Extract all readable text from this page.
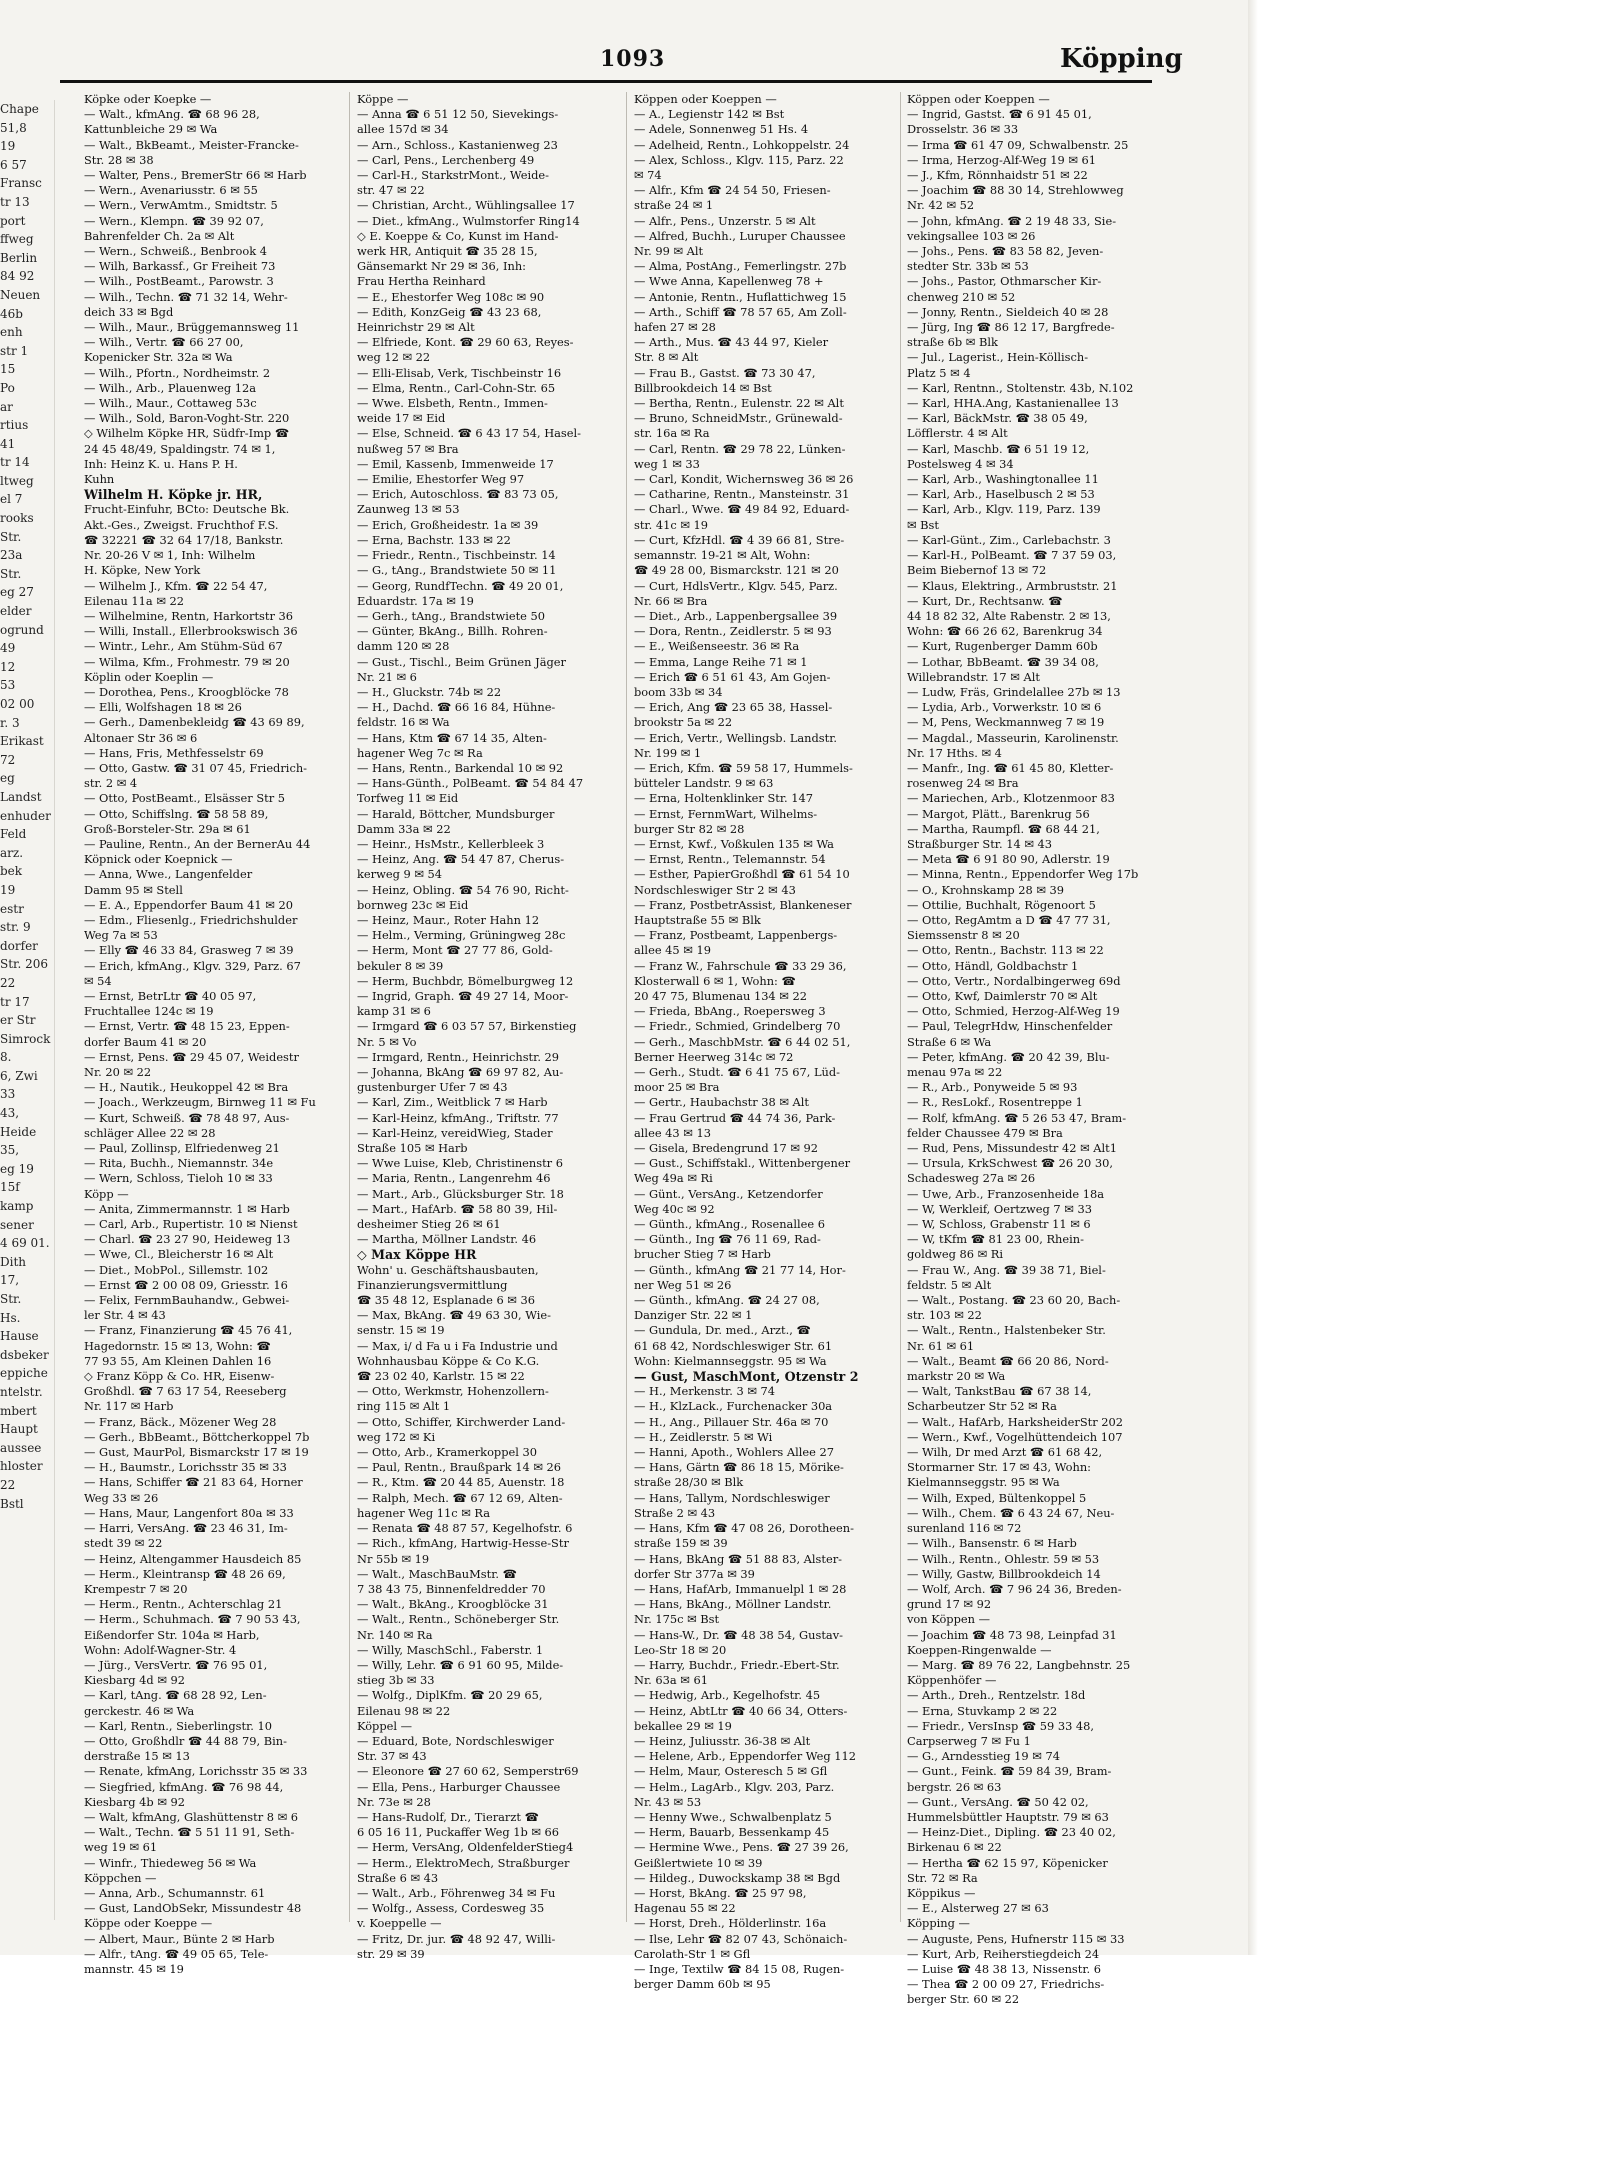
Chape
51,8
19
6 57
Fransc
tr 13
port
ffweg
Berlin
84 92
Neuen
46b
enh
str 1
15
Po
ar
rtius
41
tr 14
ltweg
el 7
rooks
Str.
23a
Str.
eg 27
elder
ogrund
49
12
53
02 00
r. 3
Erikast
72
eg
Landst
enhuder
Feld
arz.
bek
19
estr
str. 9
dorfer
Str. 206
22
tr 17
er Str
Simrock
8.
6, Zwi
33
43,
Heide
35,
eg 19
15f
kamp
sener
4 69 01.
Dith
17,
Str.
Hs.
Hause
dsbeker
eppiche
ntelstr.
mbert
Haupt
aussee
hloster
22
Bstl
1093	Köpping
Köpke oder Koepke —
— Walt., kfmAng. ☎ 68 96 28,
Kattunbleiche 29 ✉ Wa
— Walt., BkBeamt., Meister-Francke-
Str. 28 ✉ 38
— Walter, Pens., BremerStr 66 ✉ Harb
— Wern., Avenariusstr. 6 ✉ 55
— Wern., VerwAmtm., Smidtstr. 5
— Wern., Klempn. ☎ 39 92 07,
Bahrenfelder Ch. 2a ✉ Alt
— Wern., Schweiß., Benbrook 4
— Wilh, Barkassf., Gr Freiheit 73
— Wilh., PostBeamt., Parowstr. 3
— Wilh., Techn. ☎ 71 32 14, Wehr-
deich 33 ✉ Bgd
— Wilh., Maur., Brüggemannsweg 11
— Wilh., Vertr. ☎ 66 27 00,
Kopenicker Str. 32a ✉ Wa
— Wilh., Pfortn., Nordheimstr. 2
— Wilh., Arb., Plauenweg 12a
— Wilh., Maur., Cottaweg 53c
— Wilh., Sold, Baron-Voght-Str. 220
◇ Wilhelm Köpke HR, Südfr-Imp ☎
24 45 48/49, Spaldingstr. 74 ✉ 1,
Inh: Heinz K. u. Hans P. H.
Kuhn
Wilhelm H. Köpke jr. HR,
Frucht-Einfuhr, BCto: Deutsche Bk.
Akt.-Ges., Zweigst. Fruchthof F.S.
☎ 32221 ☎ 32 64 17/18, Bankstr.
Nr. 20-26 V ✉ 1, Inh: Wilhelm
H. Köpke, New York
— Wilhelm J., Kfm. ☎ 22 54 47,
Eilenau 11a ✉ 22
— Wilhelmine, Rentn, Harkortstr 36
— Willi, Install., Ellerbrookswisch 36
— Wintr., Lehr., Am Stühm-Süd 67
— Wilma, Kfm., Frohmestr. 79 ✉ 20
Köplin oder Koeplin —
— Dorothea, Pens., Kroogblöcke 78
— Elli, Wolfshagen 18 ✉ 26
— Gerh., Damenbekleidg ☎ 43 69 89,
Altonaer Str 36 ✉ 6
— Hans, Fris, Methfesselstr 69
— Otto, Gastw. ☎ 31 07 45, Friedrich-
str. 2 ✉ 4
— Otto, PostBeamt., Elsässer Str 5
— Otto, Schiffslng. ☎ 58 58 89,
Groß-Borsteler-Str. 29a ✉ 61
— Pauline, Rentn., An der BernerAu 44
Köpnick oder Koepnick —
— Anna, Wwe., Langenfelder
Damm 95 ✉ Stell
— E. A., Eppendorfer Baum 41 ✉ 20
— Edm., Fliesenlg., Friedrichshulder
Weg 7a ✉ 53
— Elly ☎ 46 33 84, Grasweg 7 ✉ 39
— Erich, kfmAng., Klgv. 329, Parz. 67
✉ 54
— Ernst, BetrLtr ☎ 40 05 97,
Fruchtallee 124c ✉ 19
— Ernst, Vertr. ☎ 48 15 23, Eppen-
dorfer Baum 41 ✉ 20
— Ernst, Pens. ☎ 29 45 07, Weidestr
Nr. 20 ✉ 22
— H., Nautik., Heukoppel 42 ✉ Bra
— Joach., Werkzeugm, Birnweg 11 ✉ Fu
— Kurt, Schweiß. ☎ 78 48 97, Aus-
schläger Allee 22 ✉ 28
— Paul, Zollinsp, Elfriedenweg 21
— Rita, Buchh., Niemannstr. 34e
— Wern, Schloss, Tieloh 10 ✉ 33
Köpp —
— Anita, Zimmermannstr. 1 ✉ Harb
— Carl, Arb., Rupertistr. 10 ✉ Nienst
— Charl. ☎ 23 27 90, Heideweg 13
— Wwe, Cl., Bleicherstr 16 ✉ Alt
— Diet., MobPol., Sillemstr. 102
— Ernst ☎ 2 00 08 09, Griesstr. 16
— Felix, FernmBauhandw., Gebwei-
ler Str. 4 ✉ 43
— Franz, Finanzierung ☎ 45 76 41,
Hagedornstr. 15 ✉ 13, Wohn: ☎
77 93 55, Am Kleinen Dahlen 16
◇ Franz Köpp & Co. HR, Eisenw-
Großhdl. ☎ 7 63 17 54, Reeseberg
Nr. 117 ✉ Harb
— Franz, Bäck., Mözener Weg 28
— Gerh., BbBeamt., Böttcherkoppel 7b
— Gust, MaurPol, Bismarckstr 17 ✉ 19
— H., Baumstr., Lorichsstr 35 ✉ 33
— Hans, Schiffer ☎ 21 83 64, Horner
Weg 33 ✉ 26
— Hans, Maur, Langenfort 80a ✉ 33
— Harri, VersAng. ☎ 23 46 31, Im-
stedt 39 ✉ 22
— Heinz, Altengammer Hausdeich 85
— Herm., Kleintransp ☎ 48 26 69,
Krempestr 7 ✉ 20
— Herm., Rentn., Achterschlag 21
— Herm., Schuhmach. ☎ 7 90 53 43,
Eißendorfer Str. 104a ✉ Harb,
Wohn: Adolf-Wagner-Str. 4
— Jürg., VersVertr. ☎ 76 95 01,
Kiesbarg 4d ✉ 92
— Karl, tAng. ☎ 68 28 92, Len-
gerckestr. 46 ✉ Wa
— Karl, Rentn., Sieberlingstr. 10
— Otto, Großhdlr ☎ 44 88 79, Bin-
derstraße 15 ✉ 13
— Renate, kfmAng, Lorichsstr 35 ✉ 33
— Siegfried, kfmAng. ☎ 76 98 44,
Kiesbarg 4b ✉ 92
— Walt, kfmAng, Glashüttenstr 8 ✉ 6
— Walt., Techn. ☎ 5 51 11 91, Seth-
weg 19 ✉ 61
— Winfr., Thiedeweg 56 ✉ Wa
Köppchen —
— Anna, Arb., Schumannstr. 61
— Gust, LandObSekr, Missundestr 48
Köppe oder Koeppe —
— Albert, Maur., Bünte 2 ✉ Harb
— Alfr., tAng. ☎ 49 05 65, Tele-
mannstr. 45 ✉ 19
Köppe —
— Anna ☎ 6 51 12 50, Sievekings-
allee 157d ✉ 34
— Arn., Schloss., Kastanienweg 23
— Carl, Pens., Lerchenberg 49
— Carl-H., StarkstrMont., Weide-
str. 47 ✉ 22
— Christian, Archt., Wühlingsallee 17
— Diet., kfmAng., Wulmstorfer Ring14
◇ E. Koeppe & Co, Kunst im Hand-
werk HR, Antiquit ☎ 35 28 15,
Gänsemarkt Nr 29 ✉ 36, Inh:
Frau Hertha Reinhard
— E., Ehestorfer Weg 108c ✉ 90
— Edith, KonzGeig ☎ 43 23 68,
Heinrichstr 29 ✉ Alt
— Elfriede, Kont. ☎ 29 60 63, Reyes-
weg 12 ✉ 22
— Elli-Elisab, Verk, Tischbeinstr 16
— Elma, Rentn., Carl-Cohn-Str. 65
— Wwe. Elsbeth, Rentn., Immen-
weide 17 ✉ Eid
— Else, Schneid. ☎ 6 43 17 54, Hasel-
nußweg 57 ✉ Bra
— Emil, Kassenb, Immenweide 17
— Emilie, Ehestorfer Weg 97
— Erich, Autoschloss. ☎ 83 73 05,
Zaunweg 13 ✉ 53
— Erich, Großheidestr. 1a ✉ 39
— Erna, Bachstr. 133 ✉ 22
— Friedr., Rentn., Tischbeinstr. 14
— G., tAng., Brandstwiete 50 ✉ 11
— Georg, RundfTechn. ☎ 49 20 01,
Eduardstr. 17a ✉ 19
— Gerh., tAng., Brandstwiete 50
— Günter, BkAng., Billh. Rohren-
damm 120 ✉ 28
— Gust., Tischl., Beim Grünen Jäger
Nr. 21 ✉ 6
— H., Gluckstr. 74b ✉ 22
— H., Dachd. ☎ 66 16 84, Hühne-
feldstr. 16 ✉ Wa
— Hans, Ktm ☎ 67 14 35, Alten-
hagener Weg 7c ✉ Ra
— Hans, Rentn., Barkendal 10 ✉ 92
— Hans-Günth., PolBeamt. ☎ 54 84 47
Torfweg 11 ✉ Eid
— Harald, Böttcher, Mundsburger
Damm 33a ✉ 22
— Heinr., HsMstr., Kellerbleek 3
— Heinz, Ang. ☎ 54 47 87, Cherus-
kerweg 9 ✉ 54
— Heinz, Obling. ☎ 54 76 90, Richt-
bornweg 23c ✉ Eid
— Heinz, Maur., Roter Hahn 12
— Helm., Verming, Grüningweg 28c
— Herm, Mont ☎ 27 77 86, Gold-
bekuler 8 ✉ 39
— Herm, Buchbdr, Bömelburgweg 12
— Ingrid, Graph. ☎ 49 27 14, Moor-
kamp 31 ✉ 6
— Irmgard ☎ 6 03 57 57, Birkenstieg
Nr. 5 ✉ Vo
— Irmgard, Rentn., Heinrichstr. 29
— Johanna, BkAng ☎ 69 97 82, Au-
gustenburger Ufer 7 ✉ 43
— Karl, Zim., Weitblick 7 ✉ Harb
— Karl-Heinz, kfmAng., Triftstr. 77
— Karl-Heinz, vereidWieg, Stader
Straße 105 ✉ Harb
— Wwe Luise, Kleb, Christinenstr 6
— Maria, Rentn., Langenrehm 46
— Mart., Arb., Glücksburger Str. 18
— Mart., HafArb. ☎ 58 80 39, Hil-
desheimer Stieg 26 ✉ 61
— Martha, Möllner Landstr. 46
◇ Max Köppe HR
Wohn' u. Geschäftshausbauten,
Finanzierungsvermittlung
☎ 35 48 12, Esplanade 6 ✉ 36
— Max, BkAng. ☎ 49 63 30, Wie-
senstr. 15 ✉ 19
— Max, i/ d Fa u i Fa Industrie und
Wohnhausbau Köppe & Co K.G.
☎ 23 02 40, Karlstr. 15 ✉ 22
— Otto, Werkmstr, Hohenzollern-
ring 115 ✉ Alt 1
— Otto, Schiffer, Kirchwerder Land-
weg 172 ✉ Ki
— Otto, Arb., Kramerkoppel 30
— Paul, Rentn., Braußpark 14 ✉ 26
— R., Ktm. ☎ 20 44 85, Auenstr. 18
— Ralph, Mech. ☎ 67 12 69, Alten-
hagener Weg 11c ✉ Ra
— Renata ☎ 48 87 57, Kegelhofstr. 6
— Rich., kfmAng, Hartwig-Hesse-Str
Nr 55b ✉ 19
— Walt., MaschBauMstr. ☎
7 38 43 75, Binnenfeldredder 70
— Walt., BkAng., Kroogblöcke 31
— Walt., Rentn., Schöneberger Str.
Nr. 140 ✉ Ra
— Willy, MaschSchl., Faberstr. 1
— Willy, Lehr. ☎ 6 91 60 95, Milde-
stieg 3b ✉ 33
— Wolfg., DiplKfm. ☎ 20 29 65,
Eilenau 98 ✉ 22
Köppel —
— Eduard, Bote, Nordschleswiger
Str. 37 ✉ 43
— Eleonore ☎ 27 60 62, Semperstr69
— Ella, Pens., Harburger Chaussee
Nr. 73e ✉ 28
— Hans-Rudolf, Dr., Tierarzt ☎
6 05 16 11, Puckaffer Weg 1b ✉ 66
— Herm, VersAng, OldenfelderStieg4
— Herm., ElektroMech, Straßburger
Straße 6 ✉ 43
— Walt., Arb., Föhrenweg 34 ✉ Fu
— Wolfg., Assess, Cordesweg 35
v. Koeppelle —
— Fritz, Dr. jur. ☎ 48 92 47, Willi-
str. 29 ✉ 39
Köppen oder Koeppen —
— A., Legienstr 142 ✉ Bst
— Adele, Sonnenweg 51 Hs. 4
— Adelheid, Rentn., Lohkoppelstr. 24
— Alex, Schloss., Klgv. 115, Parz. 22
✉ 74
— Alfr., Kfm ☎ 24 54 50, Friesen-
straße 24 ✉ 1
— Alfr., Pens., Unzerstr. 5 ✉ Alt
— Alfred, Buchh., Luruper Chaussee
Nr. 99 ✉ Alt
— Alma, PostAng., Femerlingstr. 27b
— Wwe Anna, Kapellenweg 78 +
— Antonie, Rentn., Huflattichweg 15
— Arth., Schiff ☎ 78 57 65, Am Zoll-
hafen 27 ✉ 28
— Arth., Mus. ☎ 43 44 97, Kieler
Str. 8 ✉ Alt
— Frau B., Gastst. ☎ 73 30 47,
Billbrookdeich 14 ✉ Bst
— Bertha, Rentn., Eulenstr. 22 ✉ Alt
— Bruno, SchneidMstr., Grünewald-
str. 16a ✉ Ra
— Carl, Rentn. ☎ 29 78 22, Lünken-
weg 1 ✉ 33
— Carl, Kondit, Wichernsweg 36 ✉ 26
— Catharine, Rentn., Mansteinstr. 31
— Charl., Wwe. ☎ 49 84 92, Eduard-
str. 41c ✉ 19
— Curt, KfzHdl. ☎ 4 39 66 81, Stre-
semannstr. 19-21 ✉ Alt, Wohn:
☎ 49 28 00, Bismarckstr. 121 ✉ 20
— Curt, HdlsVertr., Klgv. 545, Parz.
Nr. 66 ✉ Bra
— Diet., Arb., Lappenbergsallee 39
— Dora, Rentn., Zeidlerstr. 5 ✉ 93
— E., Weißenseestr. 36 ✉ Ra
— Emma, Lange Reihe 71 ✉ 1
— Erich ☎ 6 51 61 43, Am Gojen-
boom 33b ✉ 34
— Erich, Ang ☎ 23 65 38, Hassel-
brookstr 5a ✉ 22
— Erich, Vertr., Wellingsb. Landstr.
Nr. 199 ✉ 1
— Erich, Kfm. ☎ 59 58 17, Hummels-
bütteler Landstr. 9 ✉ 63
— Erna, Holtenklinker Str. 147
— Ernst, FernmWart, Wilhelms-
burger Str 82 ✉ 28
— Ernst, Kwf., Voßkulen 135 ✉ Wa
— Ernst, Rentn., Telemannstr. 54
— Esther, PapierGroßhdl ☎ 61 54 10
Nordschleswiger Str 2 ✉ 43
— Franz, PostbetrAssist, Blankeneser
Hauptstraße 55 ✉ Blk
— Franz, Postbeamt, Lappenbergs-
allee 45 ✉ 19
— Franz W., Fahrschule ☎ 33 29 36,
Klosterwall 6 ✉ 1, Wohn: ☎
20 47 75, Blumenau 134 ✉ 22
— Frieda, BbAng., Roepersweg 3
— Friedr., Schmied, Grindelberg 70
— Gerh., MaschbMstr. ☎ 6 44 02 51,
Berner Heerweg 314c ✉ 72
— Gerh., Studt. ☎ 6 41 75 67, Lüd-
moor 25 ✉ Bra
— Gertr., Haubachstr 38 ✉ Alt
— Frau Gertrud ☎ 44 74 36, Park-
allee 43 ✉ 13
— Gisela, Bredengrund 17 ✉ 92
— Gust., Schiffstakl., Wittenbergener
Weg 49a ✉ Ri
— Günt., VersAng., Ketzendorfer
Weg 40c ✉ 92
— Günth., kfmAng., Rosenallee 6
— Günth., Ing ☎ 76 11 69, Rad-
brucher Stieg 7 ✉ Harb
— Günth., kfmAng ☎ 21 77 14, Hor-
ner Weg 51 ✉ 26
— Günth., kfmAng. ☎ 24 27 08,
Danziger Str. 22 ✉ 1
— Gundula, Dr. med., Arzt., ☎
61 68 42, Nordschleswiger Str. 61
Wohn: Kielmannseggstr. 95 ✉ Wa
— Gust, MaschMont, Otzenstr 2
— H., Merkenstr. 3 ✉ 74
— H., KlzLack., Furchenacker 30a
— H., Ang., Pillauer Str. 46a ✉ 70
— H., Zeidlerstr. 5 ✉ Wi
— Hanni, Apoth., Wohlers Allee 27
— Hans, Gärtn ☎ 86 18 15, Mörike-
straße 28/30 ✉ Blk
— Hans, Tallym, Nordschleswiger
Straße 2 ✉ 43
— Hans, Kfm ☎ 47 08 26, Dorotheen-
straße 159 ✉ 39
— Hans, BkAng ☎ 51 88 83, Alster-
dorfer Str 377a ✉ 39
— Hans, HafArb, Immanuelpl 1 ✉ 28
— Hans, BkAng., Möllner Landstr.
Nr. 175c ✉ Bst
— Hans-W., Dr. ☎ 48 38 54, Gustav-
Leo-Str 18 ✉ 20
— Harry, Buchdr., Friedr.-Ebert-Str.
Nr. 63a ✉ 61
— Hedwig, Arb., Kegelhofstr. 45
— Heinz, AbtLtr ☎ 40 66 34, Otters-
bekallee 29 ✉ 19
— Heinz, Juliusstr. 36-38 ✉ Alt
— Helene, Arb., Eppendorfer Weg 112
— Helm, Maur, Osteresch 5 ✉ Gfl
— Helm., LagArb., Klgv. 203, Parz.
Nr. 43 ✉ 53
— Henny Wwe., Schwalbenplatz 5
— Herm, Bauarb, Bessenkamp 45
— Hermine Wwe., Pens. ☎ 27 39 26,
Geißlertwiete 10 ✉ 39
— Hildeg., Duwockskamp 38 ✉ Bgd
— Horst, BkAng. ☎ 25 97 98,
Hagenau 55 ✉ 22
— Horst, Dreh., Hölderlinstr. 16a
— Ilse, Lehr ☎ 82 07 43, Schönaich-
Carolath-Str 1 ✉ Gfl
— Inge, Textilw ☎ 84 15 08, Rugen-
berger Damm 60b ✉ 95
Köppen oder Koeppen —
— Ingrid, Gastst. ☎ 6 91 45 01,
Drosselstr. 36 ✉ 33
— Irma ☎ 61 47 09, Schwalbenstr. 25
— Irma, Herzog-Alf-Weg 19 ✉ 61
— J., Kfm, Rönnhaidstr 51 ✉ 22
— Joachim ☎ 88 30 14, Strehlowweg
Nr. 42 ✉ 52
— John, kfmAng. ☎ 2 19 48 33, Sie-
vekingsallee 103 ✉ 26
— Johs., Pens. ☎ 83 58 82, Jeven-
stedter Str. 33b ✉ 53
— Johs., Pastor, Othmarscher Kir-
chenweg 210 ✉ 52
— Jonny, Rentn., Sieldeich 40 ✉ 28
— Jürg, Ing ☎ 86 12 17, Bargfrede-
straße 6b ✉ Blk
— Jul., Lagerist., Hein-Köllisch-
Platz 5 ✉ 4
— Karl, Rentnn., Stoltenstr. 43b, N.102
— Karl, HHA.Ang, Kastanienallee 13
— Karl, BäckMstr. ☎ 38 05 49,
Löfflerstr. 4 ✉ Alt
— Karl, Maschb. ☎ 6 51 19 12,
Postelsweg 4 ✉ 34
— Karl, Arb., Washingtonallee 11
— Karl, Arb., Haselbusch 2 ✉ 53
— Karl, Arb., Klgv. 119, Parz. 139
✉ Bst
— Karl-Günt., Zim., Carlebachstr. 3
— Karl-H., PolBeamt. ☎ 7 37 59 03,
Beim Biebernof 13 ✉ 72
— Klaus, Elektring., Armbruststr. 21
— Kurt, Dr., Rechtsanw. ☎
44 18 82 32, Alte Rabenstr. 2 ✉ 13,
Wohn: ☎ 66 26 62, Barenkrug 34
— Kurt, Rugenberger Damm 60b
— Lothar, BbBeamt. ☎ 39 34 08,
Willebrandstr. 17 ✉ Alt
— Ludw, Fräs, Grindelallee 27b ✉ 13
— Lydia, Arb., Vorwerkstr. 10 ✉ 6
— M, Pens, Weckmannweg 7 ✉ 19
— Magdal., Masseurin, Karolinenstr.
Nr. 17 Hths. ✉ 4
— Manfr., Ing. ☎ 61 45 80, Kletter-
rosenweg 24 ✉ Bra
— Mariechen, Arb., Klotzenmoor 83
— Margot, Plätt., Barenkrug 56
— Martha, Raumpfl. ☎ 68 44 21,
Straßburger Str. 14 ✉ 43
— Meta ☎ 6 91 80 90, Adlerstr. 19
— Minna, Rentn., Eppendorfer Weg 17b
— O., Krohnskamp 28 ✉ 39
— Ottilie, Buchhalt, Rögenoort 5
— Otto, RegAmtm a D ☎ 47 77 31,
Siemssenstr 8 ✉ 20
— Otto, Rentn., Bachstr. 113 ✉ 22
— Otto, Händl, Goldbachstr 1
— Otto, Vertr., Nordalbingerweg 69d
— Otto, Kwf, Daimlerstr 70 ✉ Alt
— Otto, Schmied, Herzog-Alf-Weg 19
— Paul, TelegrHdw, Hinschenfelder
Straße 6 ✉ Wa
— Peter, kfmAng. ☎ 20 42 39, Blu-
menau 97a ✉ 22
— R., Arb., Ponyweide 5 ✉ 93
— R., ResLokf., Rosentreppe 1
— Rolf, kfmAng. ☎ 5 26 53 47, Bram-
felder Chaussee 479 ✉ Bra
— Rud, Pens, Missundestr 42 ✉ Alt1
— Ursula, KrkSchwest ☎ 26 20 30,
Schadesweg 27a ✉ 26
— Uwe, Arb., Franzosenheide 18a
— W, Werkleif, Oertzweg 7 ✉ 33
— W, Schloss, Grabenstr 11 ✉ 6
— W, tKfm ☎ 81 23 00, Rhein-
goldweg 86 ✉ Ri
— Frau W., Ang. ☎ 39 38 71, Biel-
feldstr. 5 ✉ Alt
— Walt., Postang. ☎ 23 60 20, Bach-
str. 103 ✉ 22
— Walt., Rentn., Halstenbeker Str.
Nr. 61 ✉ 61
— Walt., Beamt ☎ 66 20 86, Nord-
markstr 20 ✉ Wa
— Walt, TankstBau ☎ 67 38 14,
Scharbeutzer Str 52 ✉ Ra
— Walt., HafArb, HarksheiderStr 202
— Wern., Kwf., Vogelhüttendeich 107
— Wilh, Dr med Arzt ☎ 61 68 42,
Stormarner Str. 17 ✉ 43, Wohn:
Kielmannseggstr. 95 ✉ Wa
— Wilh, Exped, Bültenkoppel 5
— Wilh., Chem. ☎ 6 43 24 67, Neu-
surenland 116 ✉ 72
— Wilh., Bansenstr. 6 ✉ Harb
— Wilh., Rentn., Ohlestr. 59 ✉ 53
— Willy, Gastw, Billbrookdeich 14
— Wolf, Arch. ☎ 7 96 24 36, Breden-
grund 17 ✉ 92
von Köppen —
— Joachim ☎ 48 73 98, Leinpfad 31
Koeppen-Ringenwalde —
— Marg. ☎ 89 76 22, Langbehnstr. 25
Köppenhöfer —
— Arth., Dreh., Rentzelstr. 18d
— Erna, Stuvkamp 2 ✉ 22
— Friedr., VersInsp ☎ 59 33 48,
Carpserweg 7 ✉ Fu 1
— G., Arndesstieg 19 ✉ 74
— Gunt., Feink. ☎ 59 84 39, Bram-
bergstr. 26 ✉ 63
— Gunt., VersAng. ☎ 50 42 02,
Hummelsbüttler Hauptstr. 79 ✉ 63
— Heinz-Diet., Dipling. ☎ 23 40 02,
Birkenau 6 ✉ 22
— Hertha ☎ 62 15 97, Köpenicker
Str. 72 ✉ Ra
Köppikus —
— E., Alsterweg 27 ✉ 63
Köpping —
— Auguste, Pens, Hufnerstr 115 ✉ 33
— Kurt, Arb, Reiherstiegdeich 24
— Luise ☎ 48 38 13, Nissenstr. 6
— Thea ☎ 2 00 09 27, Friedrichs-
berger Str. 60 ✉ 22
